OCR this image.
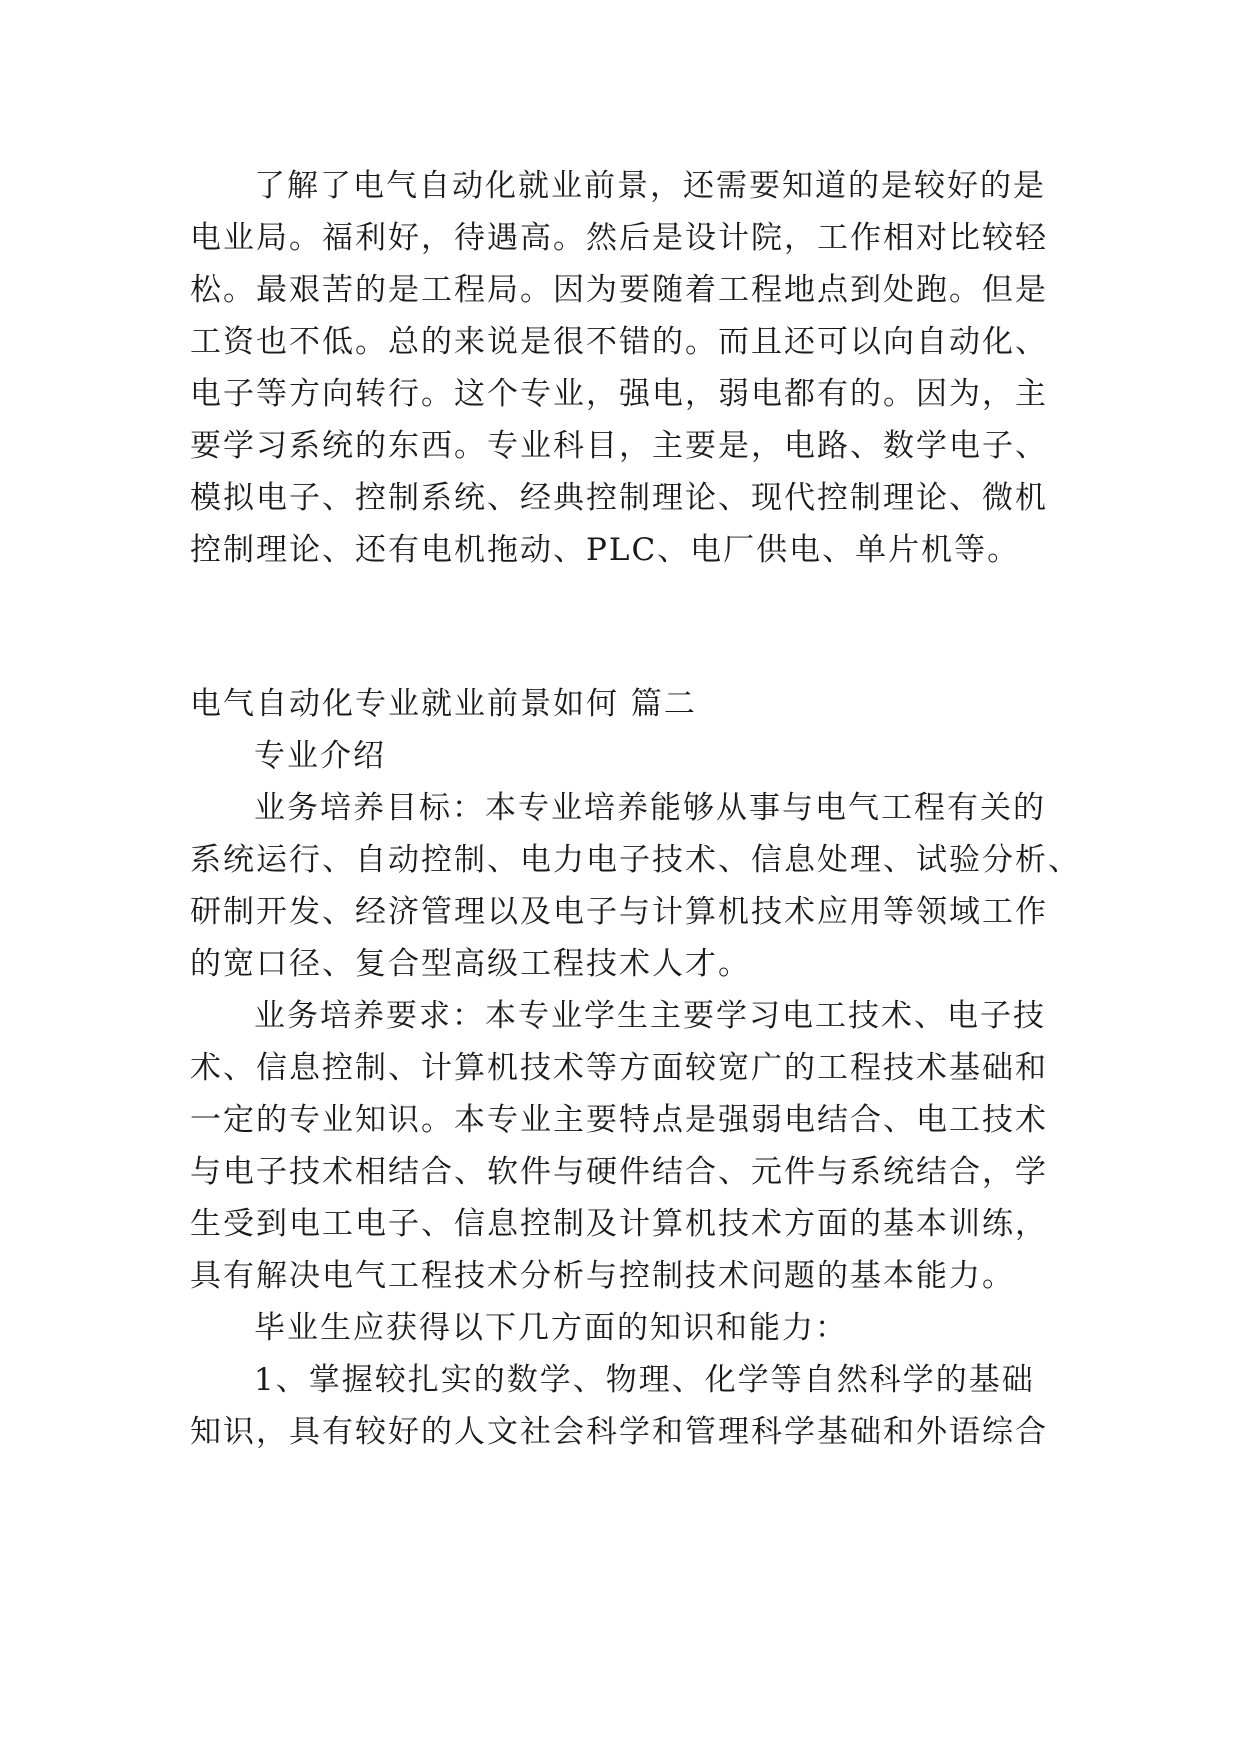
了解了电气自动化就业前景，还需要知道的是较好的是
电业局。福利好，待遇高。然后是设计院，工作相对比较轻
松。最艰苦的是工程局。因为要随着工程地点到处跑。但是
工资也不低。总的来说是很不错的。而且还可以向自动化、
电子等方向转行。这个专业，强电，弱电都有的。因为，主
要学习系统的东西。专业科目，主要是，电路、数学电子、
模拟电子、控制系统、经典控制理论、现代控制理论、微机
控制理论、还有电机拖动、PLC、电厂供电、单片机等。
电气自动化专业就业前景如何 篇二
专业介绍
业务培养目标：本专业培养能够从事与电气工程有关的
系统运行、自动控制、电力电子技术、信息处理、试验分析、
研制开发、经济管理以及电子与计算机技术应用等领域工作
的宽口径、复合型高级工程技术人才。
业务培养要求：本专业学生主要学习电工技术、电子技
术、信息控制、计算机技术等方面较宽广的工程技术基础和
一定的专业知识。本专业主要特点是强弱电结合、电工技术
与电子技术相结合、软件与硬件结合、元件与系统结合，学
生受到电工电子、信息控制及计算机技术方面的基本训练，
具有解决电气工程技术分析与控制技术问题的基本能力。
毕业生应获得以下几方面的知识和能力：
1、掌握较扎实的数学、物理、化学等自然科学的基础
知识，具有较好的人文社会科学和管理科学基础和外语综合
